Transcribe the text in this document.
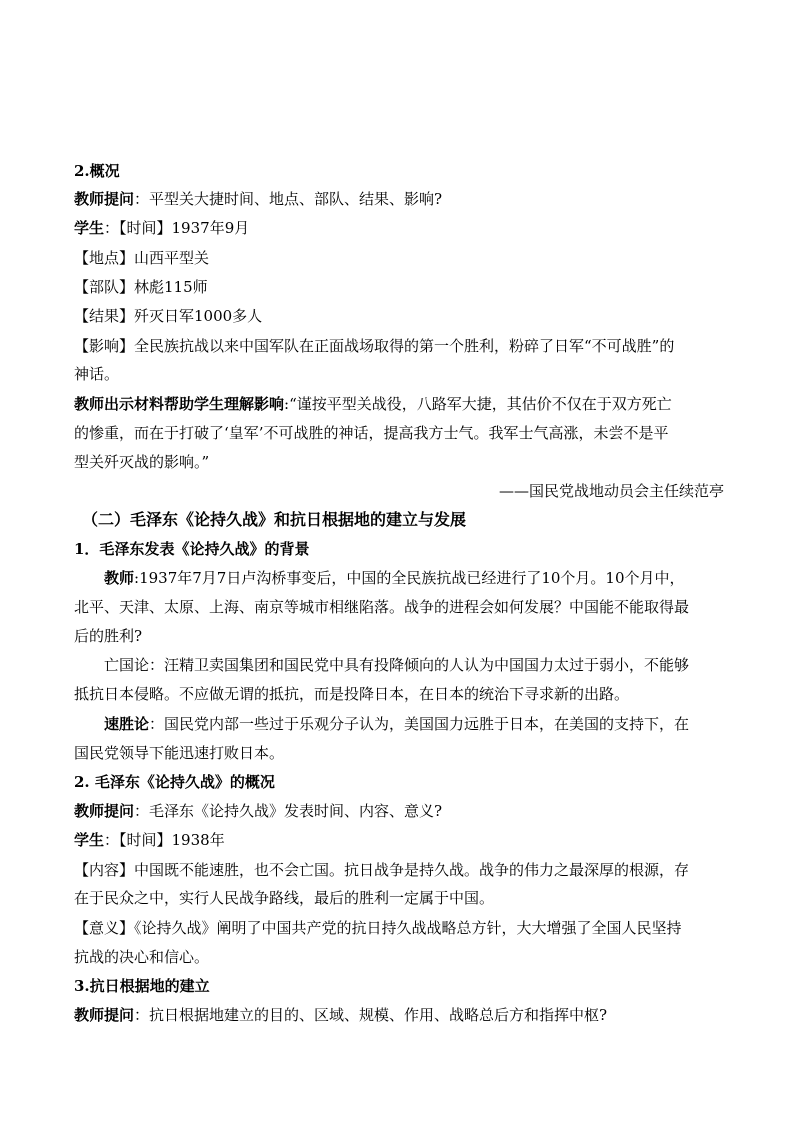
2.概况
教师提问：平型关大捷时间、地点、部队、结果、影响?
学生：【时间】1937年9月
【地点】山西平型关
【部队】林彪115师
【结果】歼灭日军1000多人
【影响】全民族抗战以来中国军队在正面战场取得的第一个胜利，粉碎了日军“不可战胜”的
神话。
教师出示材料帮助学生理解影响:“谨按平型关战役，八路军大捷，其估价不仅在于双方死亡
的惨重，而在于打破了‘皇军’不可战胜的神话，提高我方士气。我军士气高涨，未尝不是平
型关歼灭战的影响。”
——国民党战地动员会主任续范亭
（二）毛泽东《论持久战》和抗日根据地的建立与发展
1．毛泽东发表《论持久战》的背景
教师:1937年7月7日卢沟桥事变后，中国的全民族抗战已经进行了10个月。10个月中，
北平、天津、太原、上海、南京等城市相继陷落。战争的进程会如何发展？中国能不能取得最
后的胜利?
亡国论：汪精卫卖国集团和国民党中具有投降倾向的人认为中国国力太过于弱小，不能够
抵抗日本侵略。不应做无谓的抵抗，而是投降日本，在日本的统治下寻求新的出路。
速胜论：国民党内部一些过于乐观分子认为，美国国力远胜于日本，在美国的支持下，在
国民党领导下能迅速打败日本。
2. 毛泽东《论持久战》的概况
教师提问：毛泽东《论持久战》发表时间、内容、意义?
学生：【时间】1938年
【内容】中国既不能速胜，也不会亡国。抗日战争是持久战。战争的伟力之最深厚的根源，存
在于民众之中，实行人民战争路线，最后的胜利一定属于中国。
【意义】《论持久战》阐明了中国共产党的抗日持久战战略总方针，大大增强了全国人民坚持
抗战的决心和信心。
3.抗日根据地的建立
教师提问：抗日根据地建立的目的、区域、规模、作用、战略总后方和指挥中枢?
